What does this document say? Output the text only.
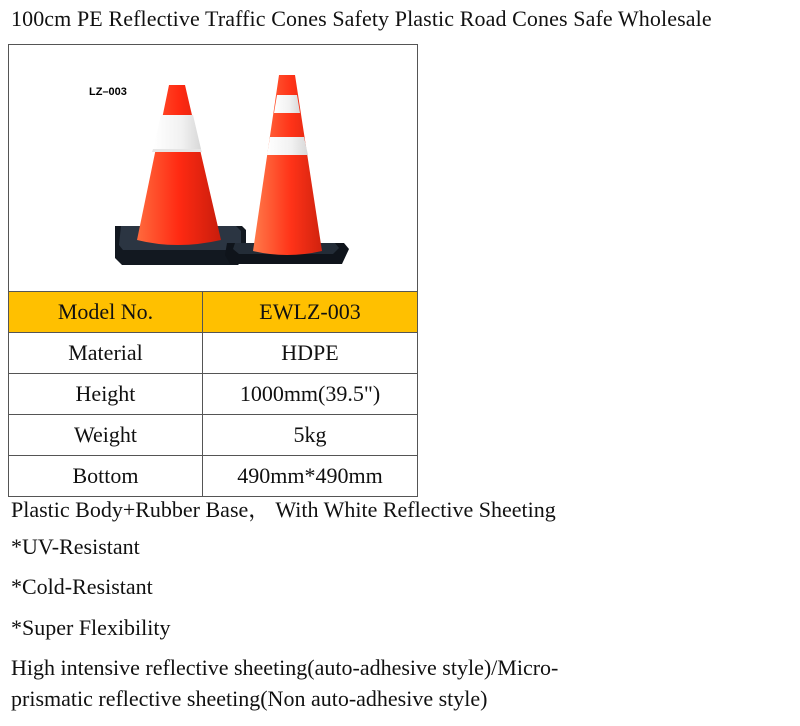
100cm PE Reflective Traffic Cones Safety Plastic Road Cones Safe Wholesale
LZ–003	

Model No.	EWLZ-003
Material	HDPE
Height	1000mm(39.5")
Weight	5kg
Bottom	490mm*490mm
Plastic Body+Rubber Base， With White Reflective Sheeting
*UV-Resistant
*Cold-Resistant
*Super Flexibility
High intensive reflective sheeting(auto-adhesive style)/Micro-
prismatic reflective sheeting(Non auto-adhesive style)
